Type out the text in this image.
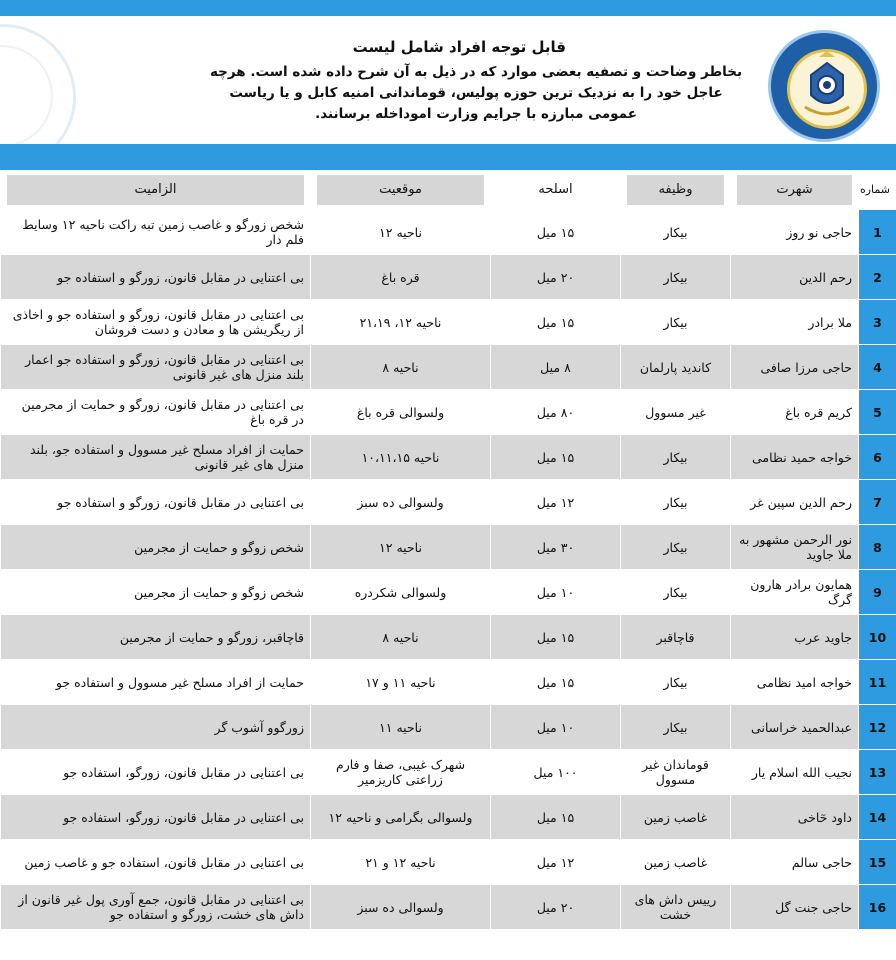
قابل توجه افراد شامل لیست
بخاطر وضاحت و تصفیه بعضی موارد که در ذیل به آن شرح داده شده است. هرچه
عاجل خود را به نزدیک ترین حوزه پولیس، قوماندانی امنیه کابل و یا ریاست
عمومی مبارزه با جرایم وزارت اموداخله برسانند.
شماره	شهرت	وظیفه	اسلحه	موقعیت	الزامیت

1	حاجی نو روز	بیکار	۱۵ میل	ناحیه ۱۲	شخص زورگو و غاصب زمین تبه راکت ناحیه ۱۲ وسایط فلم دار
2	رحم الدین	بیکار	۲۰ میل	قره باغ	بی اعتنایی در مقابل قانون، زورگو و استفاده جو
3	ملا برادر	بیکار	۱۵ میل	ناحیه ۱۲، ۲۱،۱۹	بی اعتنایی در مقابل قانون، زورگو و استفاده جو و اخاذی از ریگریشن ها و معادن و دست فروشان
4	حاجی مرزا صافی	کاندید پارلمان	۸ میل	ناحیه ۸	بی اعتنایی در مقابل قانون، زورگو و استفاده جو اعمار بلند منزل های غیر قانونی
5	کریم قره باغ	غیر مسوول	۸۰ میل	ولسوالی قره باغ	بی اعتنایی در مقابل قانون، زورگو و حمایت از مجرمین در قره باغ
6	خواجه حمید نظامی	بیکار	۱۵ میل	ناحیه ۱۰،۱۱،۱۵	حمایت از افراد مسلح غیر مسوول و استفاده جو، بلند منزل های غیر قانونی
7	رحم الدین سپین غر	بیکار	۱۲ میل	ولسوالی ده سبز	بی اعتنایی در مقابل قانون، زورگو و استفاده جو
8	نور الرحمن مشهور به ملا جاوید	بیکار	۳۰ میل	ناحیه ۱۲	شخص زوگو و حمایت از مجرمین
9	همایون برادر هارون گرگ	بیکار	۱۰ میل	ولسوالی شکردره	شخص زوگو و حمایت از مجرمین
10	جاوید عرب	قاچاقبر	۱۵ میل	ناحیه ۸	قاچاقبر، زورگو و حمایت از مجرمین
11	خواجه امید نظامی	بیکار	۱۵ میل	ناحیه ۱۱ و ۱۷	حمایت از افراد مسلح غیر مسوول و استفاده جو
12	عبدالحمید خراسانی	بیکار	۱۰ میل	ناحیه ۱۱	زورگوو آشوب گر
13	نجیب الله اسلام یار	قوماندان غیر مسوول	۱۰۰ میل	شهرک غیبی، صفا و فارم زراعتی کاریزمیر	بی اعتنایی در مقابل قانون، زورگو، استفاده جو
14	داود حٓاخی	غاصب زمین	۱۵ میل	ولسوالی بگرامی و ناحیه ۱۲	بی اعتنایی در مقابل قانون، زورگو، استفاده جو
15	حاجی سالم	غاصب زمین	۱۲ میل	ناحیه ۱۲ و ۲۱	بی اعتنایی در مقابل قانون، استفاده جو و غاصب زمین
16	حاجی جنت گل	رییس داش های خشت	۲۰ میل	ولسوالی ده سبز	بی اعتنایی در مقابل قانون، جمع آوری پول غیر قانون از داش های خشت، زورگو و استفاده جو
